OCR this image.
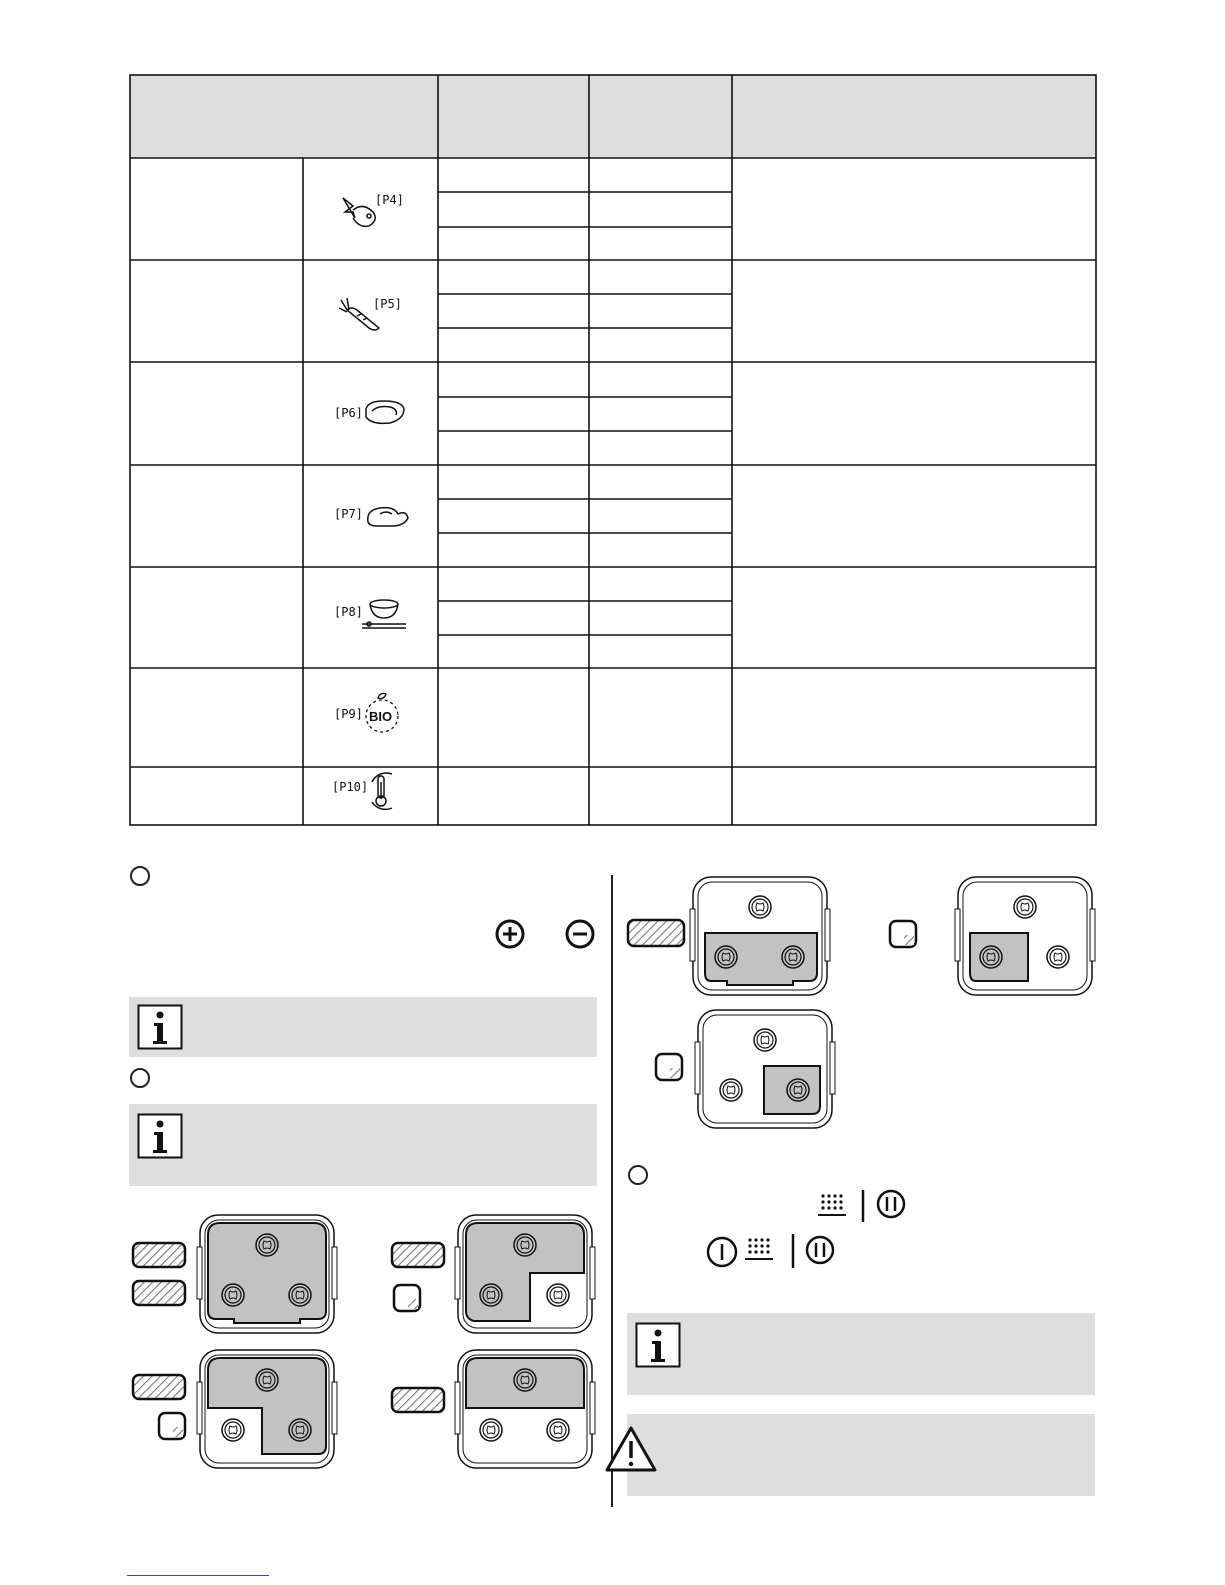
[P4]
[P5]
[P6]
[P7]
[P8]
[P9] BIO
[P10]
